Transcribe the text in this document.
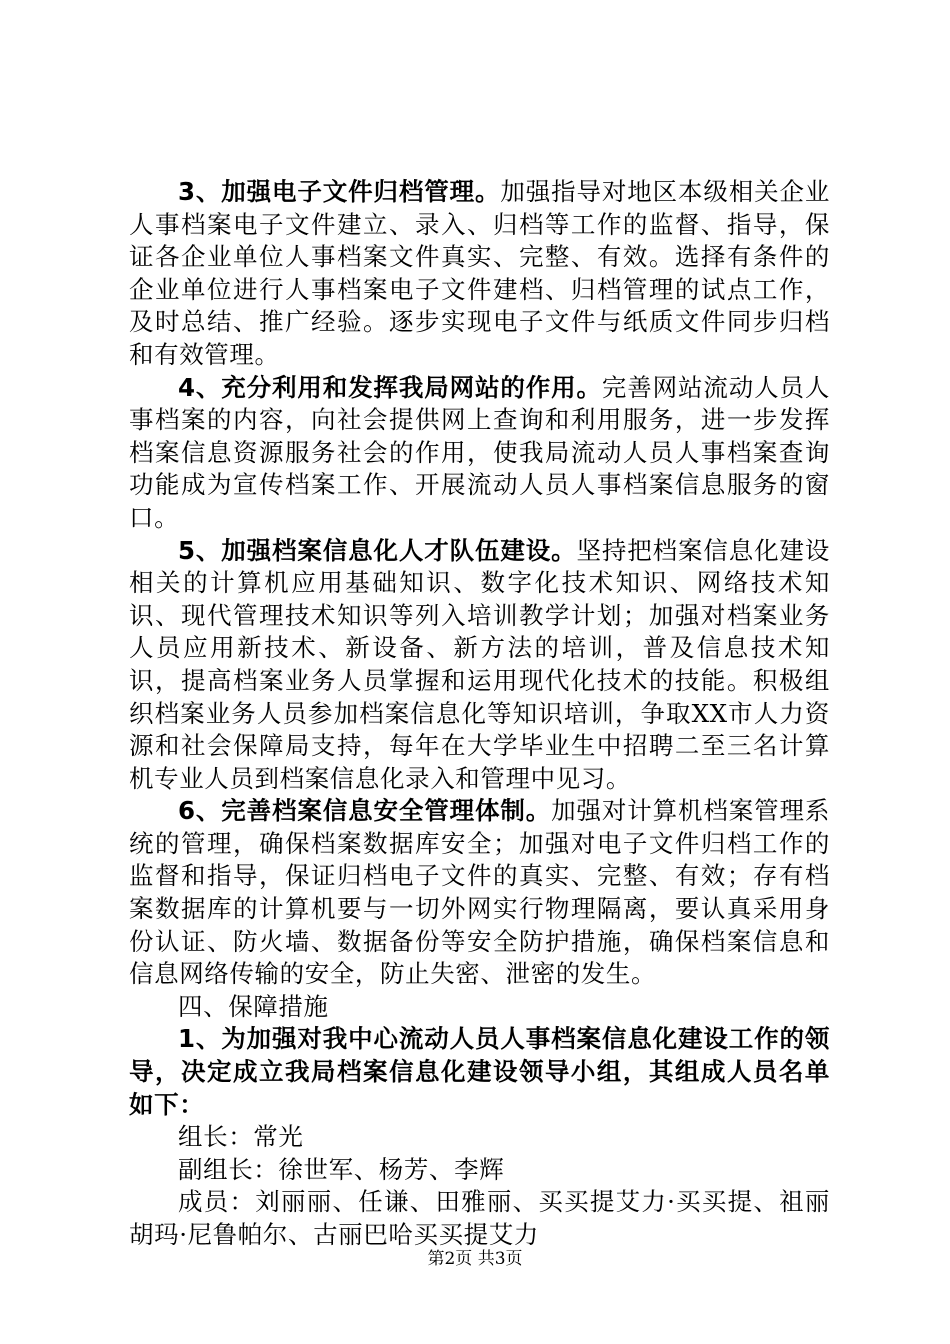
3、加强电子文件归档管理。加强指导对地区本级相关企业人事档案电子文件建立、录入、归档等工作的监督、指导，保证各企业单位人事档案文件真实、完整、有效。选择有条件的企业单位进行人事档案电子文件建档、归档管理的试点工作，及时总结、推广经验。逐步实现电子文件与纸质文件同步归档和有效管理。

4、充分利用和发挥我局网站的作用。完善网站流动人员人事档案的内容，向社会提供网上查询和利用服务，进一步发挥档案信息资源服务社会的作用，使我局流动人员人事档案查询功能成为宣传档案工作、开展流动人员人事档案信息服务的窗口。

5、加强档案信息化人才队伍建设。坚持把档案信息化建设相关的计算机应用基础知识、数字化技术知识、网络技术知识、现代管理技术知识等列入培训教学计划；加强对档案业务人员应用新技术、新设备、新方法的培训，普及信息技术知识，提高档案业务人员掌握和运用现代化技术的技能。积极组织档案业务人员参加档案信息化等知识培训，争取XX市人力资源和社会保障局支持，每年在大学毕业生中招聘二至三名计算机专业人员到档案信息化录入和管理中见习。

6、完善档案信息安全管理体制。加强对计算机档案管理系统的管理，确保档案数据库安全；加强对电子文件归档工作的监督和指导，保证归档电子文件的真实、完整、有效；存有档案数据库的计算机要与一切外网实行物理隔离，要认真采用身份认证、防火墙、数据备份等安全防护措施，确保档案信息和信息网络传输的安全，防止失密、泄密的发生。

四、保障措施

1、为加强对我中心流动人员人事档案信息化建设工作的领导，决定成立我局档案信息化建设领导小组，其组成人员名单如下：

组长：常光

副组长：徐世军、杨芳、李辉

成员：刘丽丽、任谦、田雅丽、买买提艾力·买买提、祖丽胡玛·尼鲁帕尔、古丽巴哈买买提艾力

第2页 共3页
